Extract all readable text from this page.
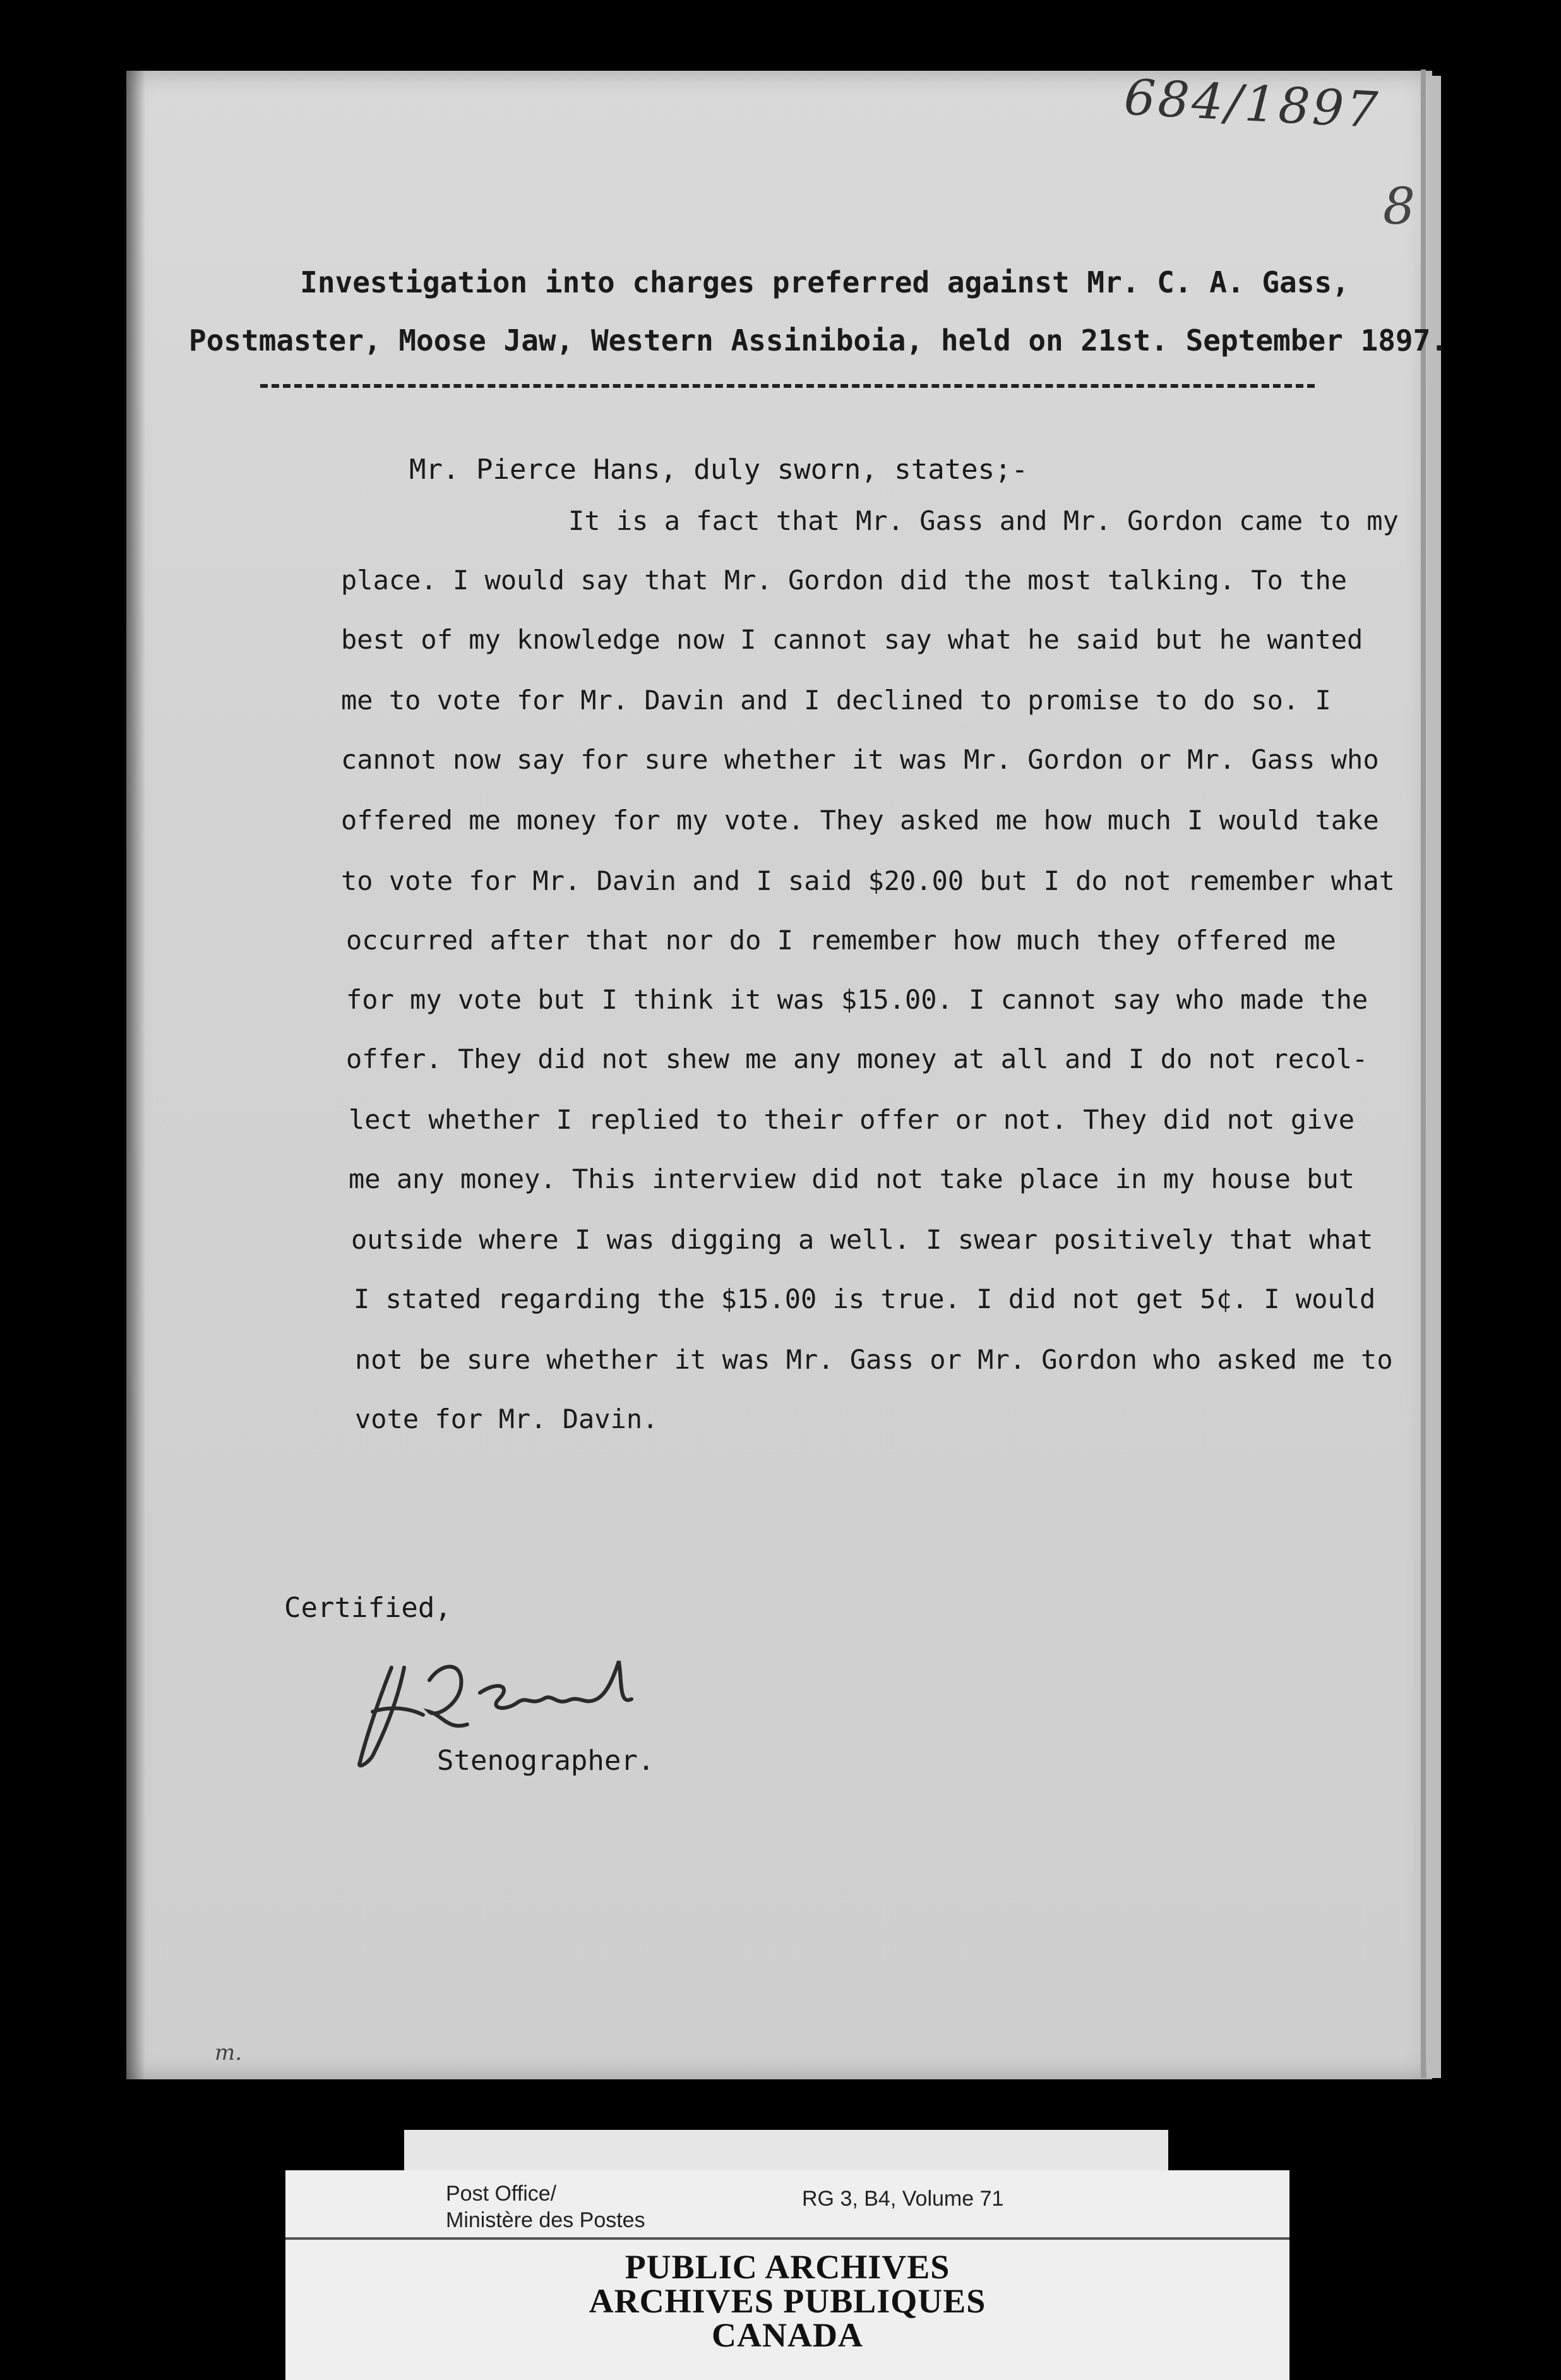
684/1897
8
Investigation into charges preferred against Mr. C. A. Gass,
Postmaster, Moose Jaw, Western Assiniboia, held on 21st. September 1897.
Mr. Pierce Hans, duly sworn, states;-
It is a fact that Mr. Gass and Mr. Gordon came to my
place. I would say that Mr. Gordon did the most talking. To the
best of my knowledge now I cannot say what he said but he wanted
me to vote for Mr. Davin and I declined to promise to do so. I
cannot now say for sure whether it was Mr. Gordon or Mr. Gass who
offered me money for my vote. They asked me how much I would take
to vote for Mr. Davin and I said $20.00 but I do not remember what
occurred after that nor do I remember how much they offered me
for my vote but I think it was $15.00. I cannot say who made the
offer. They did not shew me any money at all and I do not recol-
lect whether I replied to their offer or not. They did not give
me any money. This interview did not take place in my house but
outside where I was digging a well. I swear positively that what
I stated regarding the $15.00 is true. I did not get 5¢. I would
not be sure whether it was Mr. Gass or Mr. Gordon who asked me to
vote for Mr. Davin.
Certified,
Stenographer.
m.
Post Office/
Ministère des Postes
RG 3, B4, Volume 71
PUBLIC ARCHIVES
ARCHIVES PUBLIQUES
CANADA
